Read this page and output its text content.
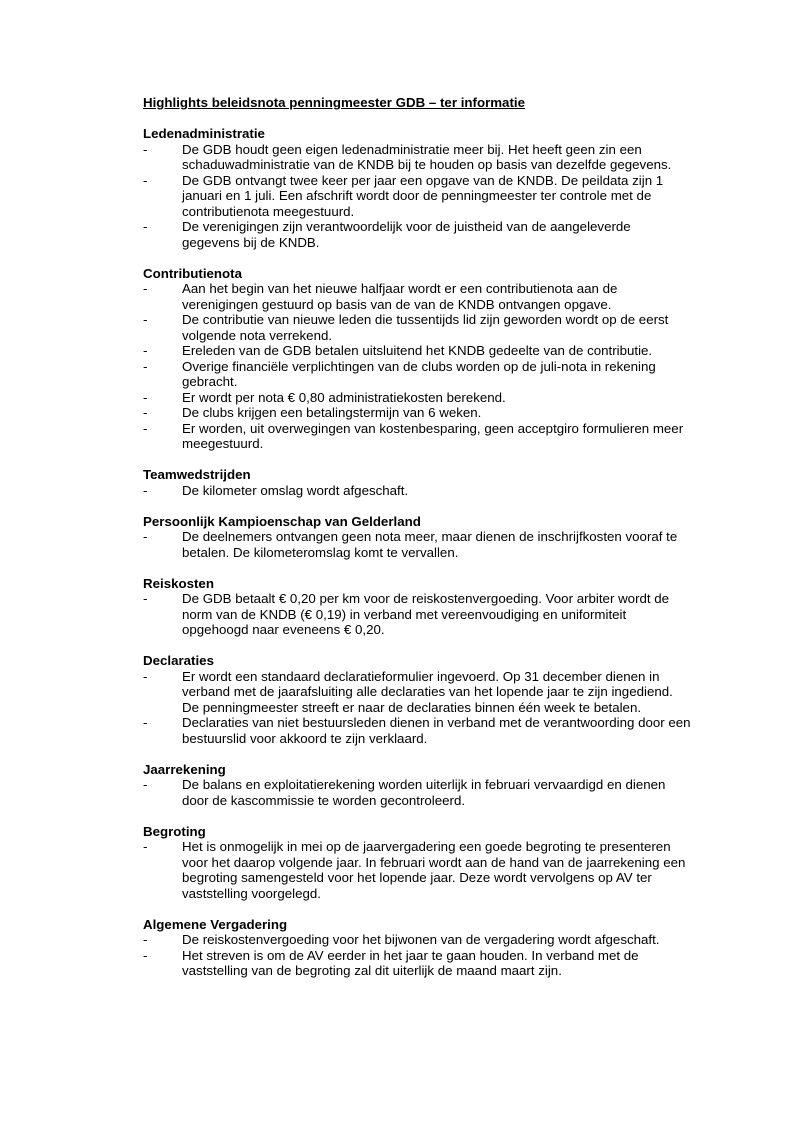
Highlights beleidsnota penningmeester GDB – ter informatie
Ledenadministratie
-	De GDB houdt geen eigen ledenadministratie meer bij. Het heeft geen zin een schaduwadministratie van de KNDB bij te houden op basis van dezelfde gegevens.
-	De GDB ontvangt twee keer per jaar een opgave van de KNDB. De peildata zijn 1 januari en 1 juli. Een afschrift wordt door de penningmeester ter controle met de contributienota meegestuurd.
-	De verenigingen zijn verantwoordelijk voor de juistheid van de aangeleverde gegevens bij de KNDB.
Contributienota
-	Aan het begin van het nieuwe halfjaar wordt er een contributienota aan de verenigingen gestuurd op basis van de van de KNDB ontvangen opgave.
-	De contributie van nieuwe leden die tussentijds lid zijn geworden wordt op de eerst volgende nota verrekend.
-	Ereleden van de GDB betalen uitsluitend het KNDB gedeelte van de contributie.
-	Overige financiële verplichtingen van de clubs worden op de juli-nota in rekening gebracht.
-	Er wordt per nota € 0,80 administratiekosten berekend.
-	De clubs krijgen een betalingstermijn van 6 weken.
-	Er worden, uit overwegingen van kostenbesparing, geen acceptgiro formulieren meer meegestuurd.
Teamwedstrijden
-	De kilometer omslag wordt afgeschaft.
Persoonlijk Kampioenschap van Gelderland
-	De deelnemers ontvangen geen nota meer, maar dienen de inschrijfkosten vooraf te betalen. De kilometeromslag komt te vervallen.
Reiskosten
-	De GDB betaalt € 0,20 per km voor de reiskostenvergoeding. Voor arbiter wordt de norm van de KNDB (€ 0,19) in verband met vereenvoudiging en uniformiteit opgehoogd naar eveneens € 0,20.
Declaraties
-	Er wordt een standaard declaratieformulier ingevoerd. Op 31 december dienen in verband met de jaarafsluiting alle declaraties van het lopende jaar te zijn ingediend. De penningmeester streeft er naar de declaraties binnen één week te betalen.
-	Declaraties van niet bestuursleden dienen in verband met de verantwoording door een bestuurslid voor akkoord te zijn verklaard.
Jaarrekening
-	De balans en exploitatierekening worden uiterlijk in februari vervaardigd en dienen door de kascommissie te worden gecontroleerd.
Begroting
-	Het is onmogelijk in mei op de jaarvergadering een goede begroting te presenteren voor het daarop volgende jaar. In februari wordt aan de hand van de jaarrekening een begroting samengesteld voor het lopende jaar. Deze wordt vervolgens op AV ter vaststelling voorgelegd.
Algemene Vergadering
-	De reiskostenvergoeding voor het bijwonen van de vergadering wordt afgeschaft.
-	Het streven is om de AV eerder in het jaar te gaan houden. In verband met de vaststelling van de begroting zal dit uiterlijk de maand maart zijn.
